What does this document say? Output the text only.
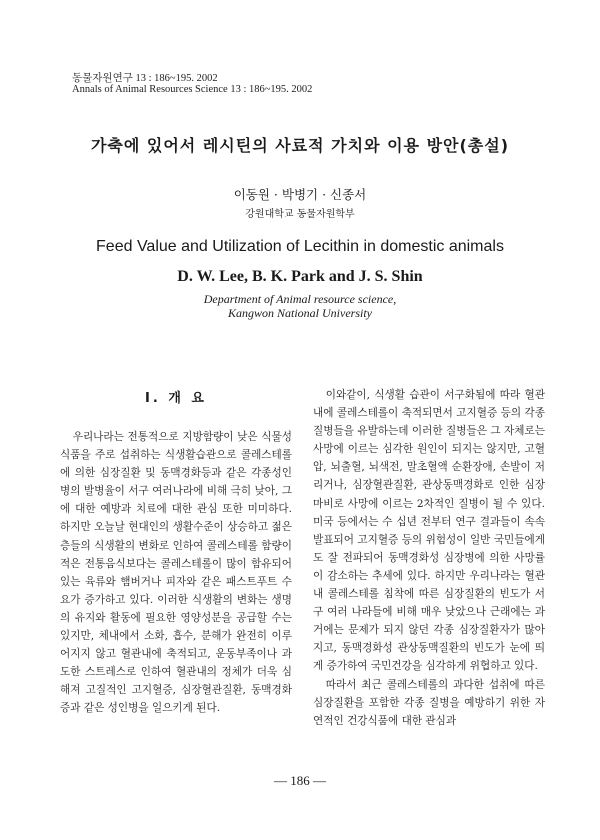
동물자원연구 13 : 186~195. 2002
Annals of Animal Resources Science 13 : 186~195. 2002
가축에 있어서 레시틴의 사료적 가치와 이용 방안(총설)
이동원 · 박병기 · 신종서
강원대학교 동물자원학부
Feed Value and Utilization of Lecithin in domestic animals
D. W. Lee, B. K. Park and J. S. Shin
Department of Animal resource science,
Kangwon National University
I. 개 요

우리나라는 전통적으로 지방함량이 낮은 식물성 식품을 주로 섭취하는 식생활습관으로 콜레스테롤에 의한 심장질환 및 동맥경화등과 같은 각종성인병의 발병율이 서구 여러나라에 비해 극히 낮아, 그에 대한 예방과 치료에 대한 관심 또한 미미하다. 하지만 오늘날 현대인의 생활수준이 상승하고 젊은층들의 식생활의 변화로 인하여 콜레스테롤 함량이 적은 전통음식보다는 콜레스테롤이 많이 함유되어 있는 육류와 햄버거나 피자와 같은 패스트푸트 수요가 증가하고 있다. 이러한 식생활의 변화는 생명의 유지와 활동에 필요한 영양성분을 공급할 수는 있지만, 체내에서 소화, 흡수, 분해가 완전히 이루어지지 않고 혈관내에 축적되고, 운동부족이나 과도한 스트레스로 인하여 혈관내의 정체가 더욱 심해져 고질적인 고지혈증, 심장혈관질환, 동맥경화증과 같은 성인병을 일으키게 된다.

이와같이, 식생활 습관이 서구화됨에 따라 혈관내에 콜레스테롤이 축적되면서 고지혈증 등의 각종 질병들을 유발하는데 이러한 질병들은 그 자체로는 사망에 이르는 심각한 원인이 되지는 않지만, 고혈압, 뇌출혈, 뇌색전, 말초혈액 순환장애, 손발이 저리거나, 심장혈관질환, 관상동맥경화로 인한 심장마비로 사망에 이르는 2차적인 질병이 될 수 있다. 미국 등에서는 수 십년 전부터 연구 결과들이 속속 발표되어 고지혈증 등의 위험성이 일반 국민들에게도 잘 전파되어 동맥경화성 심장병에 의한 사망률이 감소하는 추세에 있다. 하지만 우리나라는 혈관내 콜레스테롤 침착에 따른 심장질환의 빈도가 서구 여러 나라들에 비해 매우 낮았으나 근래에는 과거에는 문제가 되지 않던 각종 심장질환자가 많아지고, 동맥경화성 관상동맥질환의 빈도가 눈에 띄게 증가하여 국민건강을 심각하게 위협하고 있다.

따라서 최근 콜레스테롤의 과다한 섭취에 따른 심장질환을 포함한 각종 질병을 예방하기 위한 자연적인 건강식품에 대한 관심과

— 186 —
